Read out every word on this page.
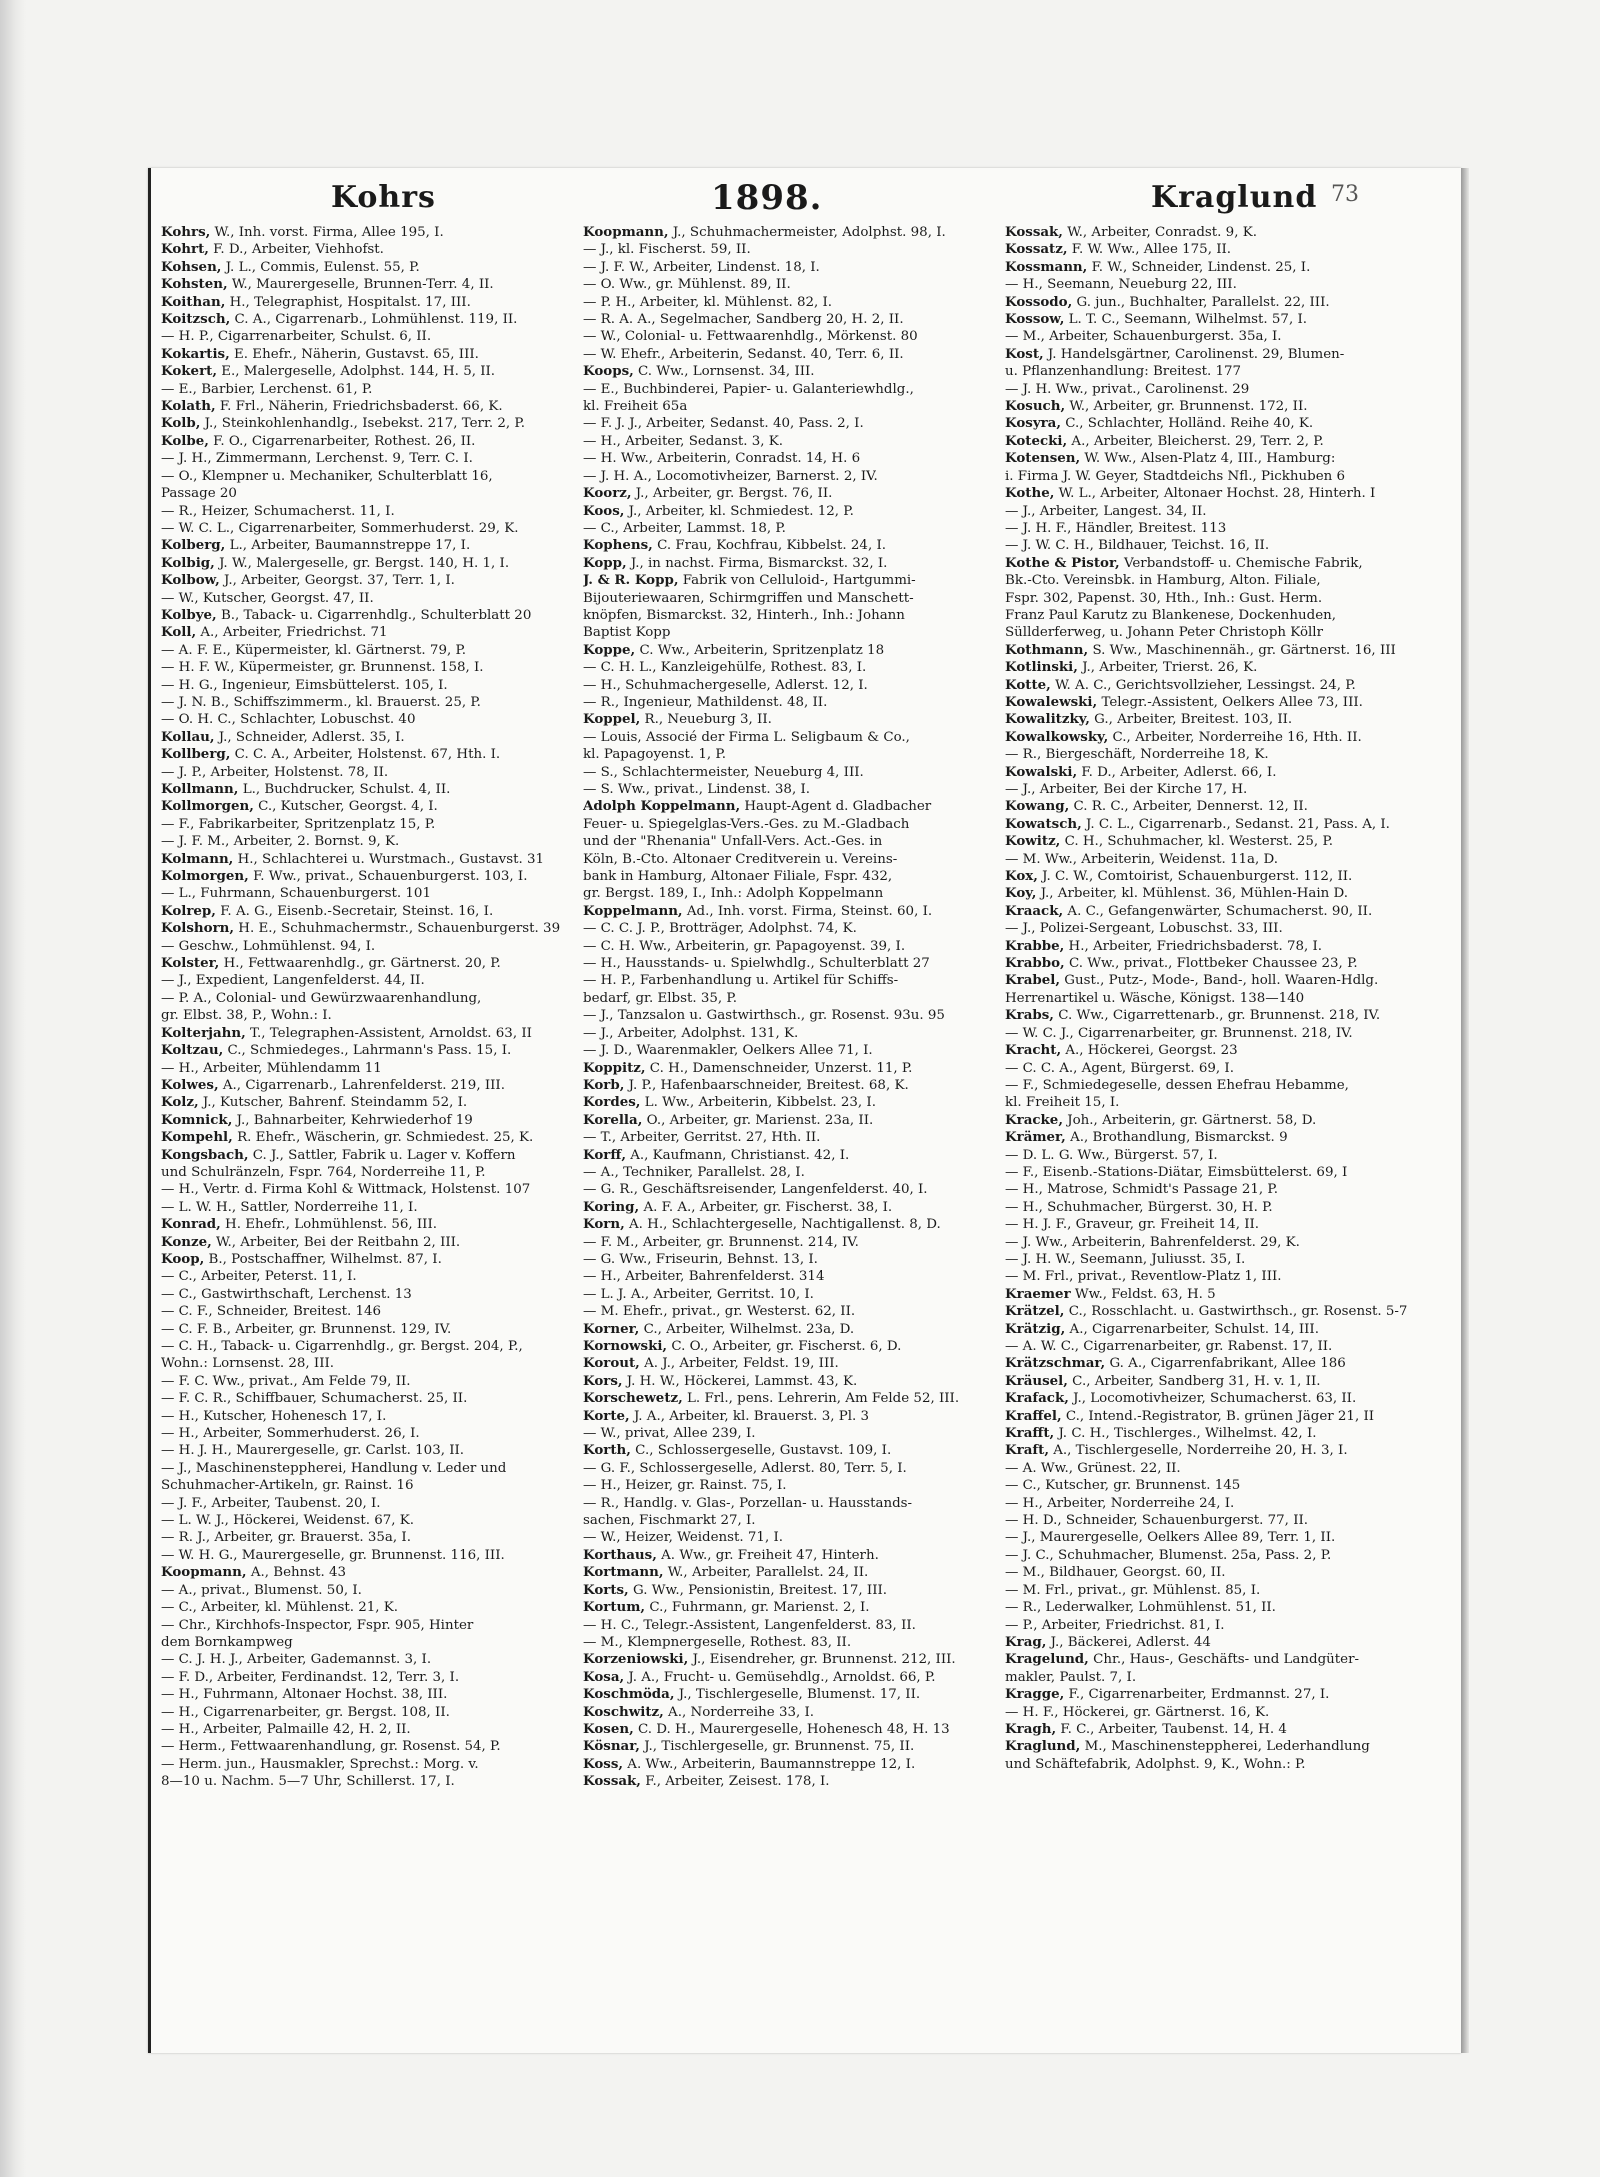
Kohrs	1898.	Kraglund 73
Kohrs, W., Inh. vorst. Firma, Allee 195, I.
Kohrt, F. D., Arbeiter, Viehhofst.
Kohsen, J. L., Commis, Eulenst. 55, P.
Kohsten, W., Maurergeselle, Brunnen-Terr. 4, II.
Koithan, H., Telegraphist, Hospitalst. 17, III.
Koitzsch, C. A., Cigarrenarb., Lohmühlenst. 119, II.
— H. P., Cigarrenarbeiter, Schulst. 6, II.
Kokartis, E. Ehefr., Näherin, Gustavst. 65, III.
Kokert, E., Malergeselle, Adolphst. 144, H. 5, II.
— E., Barbier, Lerchenst. 61, P.
Kolath, F. Frl., Näherin, Friedrichsbaderst. 66, K.
Kolb, J., Steinkohlenhandlg., Isebekst. 217, Terr. 2, P.
Kolbe, F. O., Cigarrenarbeiter, Rothest. 26, II.
— J. H., Zimmermann, Lerchenst. 9, Terr. C. I.
— O., Klempner u. Mechaniker, Schulterblatt 16,
Passage 20
— R., Heizer, Schumacherst. 11, I.
— W. C. L., Cigarrenarbeiter, Sommerhuderst. 29, K.
Kolberg, L., Arbeiter, Baumannstreppe 17, I.
Kolbig, J. W., Malergeselle, gr. Bergst. 140, H. 1, I.
Kolbow, J., Arbeiter, Georgst. 37, Terr. 1, I.
— W., Kutscher, Georgst. 47, II.
Kolbye, B., Taback- u. Cigarrenhdlg., Schulterblatt 20
Koll, A., Arbeiter, Friedrichst. 71
— A. F. E., Küpermeister, kl. Gärtnerst. 79, P.
— H. F. W., Küpermeister, gr. Brunnenst. 158, I.
— H. G., Ingenieur, Eimsbüttelerst. 105, I.
— J. N. B., Schiffszimmerm., kl. Brauerst. 25, P.
— O. H. C., Schlachter, Lobuschst. 40
Kollau, J., Schneider, Adlerst. 35, I.
Kollberg, C. C. A., Arbeiter, Holstenst. 67, Hth. I.
— J. P., Arbeiter, Holstenst. 78, II.
Kollmann, L., Buchdrucker, Schulst. 4, II.
Kollmorgen, C., Kutscher, Georgst. 4, I.
— F., Fabrikarbeiter, Spritzenplatz 15, P.
— J. F. M., Arbeiter, 2. Bornst. 9, K.
Kolmann, H., Schlachterei u. Wurstmach., Gustavst. 31
Kolmorgen, F. Ww., privat., Schauenburgerst. 103, I.
— L., Fuhrmann, Schauenburgerst. 101
Kolrep, F. A. G., Eisenb.-Secretair, Steinst. 16, I.
Kolshorn, H. E., Schuhmachermstr., Schauenburgerst. 39
— Geschw., Lohmühlenst. 94, I.
Kolster, H., Fettwaarenhdlg., gr. Gärtnerst. 20, P.
— J., Expedient, Langenfelderst. 44, II.
— P. A., Colonial- und Gewürzwaarenhandlung,
gr. Elbst. 38, P., Wohn.: I.
Kolterjahn, T., Telegraphen-Assistent, Arnoldst. 63, II
Koltzau, C., Schmiedeges., Lahrmann's Pass. 15, I.
— H., Arbeiter, Mühlendamm 11
Kolwes, A., Cigarrenarb., Lahrenfelderst. 219, III.
Kolz, J., Kutscher, Bahrenf. Steindamm 52, I.
Komnick, J., Bahnarbeiter, Kehrwiederhof 19
Kompehl, R. Ehefr., Wäscherin, gr. Schmiedest. 25, K.
Kongsbach, C. J., Sattler, Fabrik u. Lager v. Koffern
und Schulränzeln, Fspr. 764, Norderreihe 11, P.
— H., Vertr. d. Firma Kohl & Wittmack, Holstenst. 107
— L. W. H., Sattler, Norderreihe 11, I.
Konrad, H. Ehefr., Lohmühlenst. 56, III.
Konze, W., Arbeiter, Bei der Reitbahn 2, III.
Koop, B., Postschaffner, Wilhelmst. 87, I.
— C., Arbeiter, Peterst. 11, I.
— C., Gastwirthschaft, Lerchenst. 13
— C. F., Schneider, Breitest. 146
— C. F. B., Arbeiter, gr. Brunnenst. 129, IV.
— C. H., Taback- u. Cigarrenhdlg., gr. Bergst. 204, P.,
Wohn.: Lornsenst. 28, III.
— F. C. Ww., privat., Am Felde 79, II.
— F. C. R., Schiffbauer, Schumacherst. 25, II.
— H., Kutscher, Hohenesch 17, I.
— H., Arbeiter, Sommerhuderst. 26, I.
— H. J. H., Maurergeselle, gr. Carlst. 103, II.
— J., Maschinensteppherei, Handlung v. Leder und
Schuhmacher-Artikeln, gr. Rainst. 16
— J. F., Arbeiter, Taubenst. 20, I.
— L. W. J., Höckerei, Weidenst. 67, K.
— R. J., Arbeiter, gr. Brauerst. 35a, I.
— W. H. G., Maurergeselle, gr. Brunnenst. 116, III.
Koopmann, A., Behnst. 43
— A., privat., Blumenst. 50, I.
— C., Arbeiter, kl. Mühlenst. 21, K.
— Chr., Kirchhofs-Inspector, Fspr. 905, Hinter
dem Bornkampweg
— C. J. H. J., Arbeiter, Gademannst. 3, I.
— F. D., Arbeiter, Ferdinandst. 12, Terr. 3, I.
— H., Fuhrmann, Altonaer Hochst. 38, III.
— H., Cigarrenarbeiter, gr. Bergst. 108, II.
— H., Arbeiter, Palmaille 42, H. 2, II.
— Herm., Fettwaarenhandlung, gr. Rosenst. 54, P.
— Herm. jun., Hausmakler, Sprechst.: Morg. v.
8—10 u. Nachm. 5—7 Uhr, Schillerst. 17, I.
Koopmann, J., Schuhmachermeister, Adolphst. 98, I.
— J., kl. Fischerst. 59, II.
— J. F. W., Arbeiter, Lindenst. 18, I.
— O. Ww., gr. Mühlenst. 89, II.
— P. H., Arbeiter, kl. Mühlenst. 82, I.
— R. A. A., Segelmacher, Sandberg 20, H. 2, II.
— W., Colonial- u. Fettwaarenhdlg., Mörkenst. 80
— W. Ehefr., Arbeiterin, Sedanst. 40, Terr. 6, II.
Koops, C. Ww., Lornsenst. 34, III.
— E., Buchbinderei, Papier- u. Galanteriewhdlg.,
kl. Freiheit 65a
— F. J. J., Arbeiter, Sedanst. 40, Pass. 2, I.
— H., Arbeiter, Sedanst. 3, K.
— H. Ww., Arbeiterin, Conradst. 14, H. 6
— J. H. A., Locomotivheizer, Barnerst. 2, IV.
Koorz, J., Arbeiter, gr. Bergst. 76, II.
Koos, J., Arbeiter, kl. Schmiedest. 12, P.
— C., Arbeiter, Lammst. 18, P.
Kophens, C. Frau, Kochfrau, Kibbelst. 24, I.
Kopp, J., in nachst. Firma, Bismarckst. 32, I.
J. & R. Kopp, Fabrik von Celluloid-, Hartgummi-
Bijouteriewaaren, Schirmgriffen und Manschett-
knöpfen, Bismarckst. 32, Hinterh., Inh.: Johann
Baptist Kopp
Koppe, C. Ww., Arbeiterin, Spritzenplatz 18
— C. H. L., Kanzleigehülfe, Rothest. 83, I.
— H., Schuhmachergeselle, Adlerst. 12, I.
— R., Ingenieur, Mathildenst. 48, II.
Koppel, R., Neueburg 3, II.
— Louis, Associé der Firma L. Seligbaum & Co.,
kl. Papagoyenst. 1, P.
— S., Schlachtermeister, Neueburg 4, III.
— S. Ww., privat., Lindenst. 38, I.
Adolph Koppelmann, Haupt-Agent d. Gladbacher
Feuer- u. Spiegelglas-Vers.-Ges. zu M.-Gladbach
und der "Rhenania" Unfall-Vers. Act.-Ges. in
Köln, B.-Cto. Altonaer Creditverein u. Vereins-
bank in Hamburg, Altonaer Filiale, Fspr. 432,
gr. Bergst. 189, I., Inh.: Adolph Koppelmann
Koppelmann, Ad., Inh. vorst. Firma, Steinst. 60, I.
— C. C. J. P., Brotträger, Adolphst. 74, K.
— C. H. Ww., Arbeiterin, gr. Papagoyenst. 39, I.
— H., Hausstands- u. Spielwhdlg., Schulterblatt 27
— H. P., Farbenhandlung u. Artikel für Schiffs-
bedarf, gr. Elbst. 35, P.
— J., Tanzsalon u. Gastwirthsch., gr. Rosenst. 93u. 95
— J., Arbeiter, Adolphst. 131, K.
— J. D., Waarenmakler, Oelkers Allee 71, I.
Koppitz, C. H., Damenschneider, Unzerst. 11, P.
Korb, J. P., Hafenbaarschneider, Breitest. 68, K.
Kordes, L. Ww., Arbeiterin, Kibbelst. 23, I.
Korella, O., Arbeiter, gr. Marienst. 23a, II.
— T., Arbeiter, Gerritst. 27, Hth. II.
Korff, A., Kaufmann, Christianst. 42, I.
— A., Techniker, Parallelst. 28, I.
— G. R., Geschäftsreisender, Langenfelderst. 40, I.
Koring, A. F. A., Arbeiter, gr. Fischerst. 38, I.
Korn, A. H., Schlachtergeselle, Nachtigallenst. 8, D.
— F. M., Arbeiter, gr. Brunnenst. 214, IV.
— G. Ww., Friseurin, Behnst. 13, I.
— H., Arbeiter, Bahrenfelderst. 314
— L. J. A., Arbeiter, Gerritst. 10, I.
— M. Ehefr., privat., gr. Westerst. 62, II.
Korner, C., Arbeiter, Wilhelmst. 23a, D.
Kornowski, C. O., Arbeiter, gr. Fischerst. 6, D.
Korout, A. J., Arbeiter, Feldst. 19, III.
Kors, J. H. W., Höckerei, Lammst. 43, K.
Korschewetz, L. Frl., pens. Lehrerin, Am Felde 52, III.
Korte, J. A., Arbeiter, kl. Brauerst. 3, Pl. 3
— W., privat, Allee 239, I.
Korth, C., Schlossergeselle, Gustavst. 109, I.
— G. F., Schlossergeselle, Adlerst. 80, Terr. 5, I.
— H., Heizer, gr. Rainst. 75, I.
— R., Handlg. v. Glas-, Porzellan- u. Hausstands-
sachen, Fischmarkt 27, I.
— W., Heizer, Weidenst. 71, I.
Korthaus, A. Ww., gr. Freiheit 47, Hinterh.
Kortmann, W., Arbeiter, Parallelst. 24, II.
Korts, G. Ww., Pensionistin, Breitest. 17, III.
Kortum, C., Fuhrmann, gr. Marienst. 2, I.
— H. C., Telegr.-Assistent, Langenfelderst. 83, II.
— M., Klempnergeselle, Rothest. 83, II.
Korzeniowski, J., Eisendreher, gr. Brunnenst. 212, III.
Kosa, J. A., Frucht- u. Gemüsehdlg., Arnoldst. 66, P.
Koschmöda, J., Tischlergeselle, Blumenst. 17, II.
Koschwitz, A., Norderreihe 33, I.
Kosen, C. D. H., Maurergeselle, Hohenesch 48, H. 13
Kösnar, J., Tischlergeselle, gr. Brunnenst. 75, II.
Koss, A. Ww., Arbeiterin, Baumannstreppe 12, I.
Kossak, F., Arbeiter, Zeisest. 178, I.
Kossak, W., Arbeiter, Conradst. 9, K.
Kossatz, F. W. Ww., Allee 175, II.
Kossmann, F. W., Schneider, Lindenst. 25, I.
— H., Seemann, Neueburg 22, III.
Kossodo, G. jun., Buchhalter, Parallelst. 22, III.
Kossow, L. T. C., Seemann, Wilhelmst. 57, I.
— M., Arbeiter, Schauenburgerst. 35a, I.
Kost, J. Handelsgärtner, Carolinenst. 29, Blumen-
u. Pflanzenhandlung: Breitest. 177
— J. H. Ww., privat., Carolinenst. 29
Kosuch, W., Arbeiter, gr. Brunnenst. 172, II.
Kosyra, C., Schlachter, Holländ. Reihe 40, K.
Kotecki, A., Arbeiter, Bleicherst. 29, Terr. 2, P.
Kotensen, W. Ww., Alsen-Platz 4, III., Hamburg:
i. Firma J. W. Geyer, Stadtdeichs Nfl., Pickhuben 6
Kothe, W. L., Arbeiter, Altonaer Hochst. 28, Hinterh. I
— J., Arbeiter, Langest. 34, II.
— J. H. F., Händler, Breitest. 113
— J. W. C. H., Bildhauer, Teichst. 16, II.
Kothe & Pistor, Verbandstoff- u. Chemische Fabrik,
Bk.-Cto. Vereinsbk. in Hamburg, Alton. Filiale,
Fspr. 302, Papenst. 30, Hth., Inh.: Gust. Herm.
Franz Paul Karutz zu Blankenese, Dockenhuden,
Süllderferweg, u. Johann Peter Christoph Köllr
Kothmann, S. Ww., Maschinennäh., gr. Gärtnerst. 16, III
Kotlinski, J., Arbeiter, Trierst. 26, K.
Kotte, W. A. C., Gerichtsvollzieher, Lessingst. 24, P.
Kowalewski, Telegr.-Assistent, Oelkers Allee 73, III.
Kowalitzky, G., Arbeiter, Breitest. 103, II.
Kowalkowsky, C., Arbeiter, Norderreihe 16, Hth. II.
— R., Biergeschäft, Norderreihe 18, K.
Kowalski, F. D., Arbeiter, Adlerst. 66, I.
— J., Arbeiter, Bei der Kirche 17, H.
Kowang, C. R. C., Arbeiter, Dennerst. 12, II.
Kowatsch, J. C. L., Cigarrenarb., Sedanst. 21, Pass. A, I.
Kowitz, C. H., Schuhmacher, kl. Westerst. 25, P.
— M. Ww., Arbeiterin, Weidenst. 11a, D.
Kox, J. C. W., Comtoirist, Schauenburgerst. 112, II.
Koy, J., Arbeiter, kl. Mühlenst. 36, Mühlen-Hain D.
Kraack, A. C., Gefangenwärter, Schumacherst. 90, II.
— J., Polizei-Sergeant, Lobuschst. 33, III.
Krabbe, H., Arbeiter, Friedrichsbaderst. 78, I.
Krabbo, C. Ww., privat., Flottbeker Chaussee 23, P.
Krabel, Gust., Putz-, Mode-, Band-, holl. Waaren-Hdlg.
Herrenartikel u. Wäsche, Königst. 138—140
Krabs, C. Ww., Cigarrettenarb., gr. Brunnenst. 218, IV.
— W. C. J., Cigarrenarbeiter, gr. Brunnenst. 218, IV.
Kracht, A., Höckerei, Georgst. 23
— C. C. A., Agent, Bürgerst. 69, I.
— F., Schmiedegeselle, dessen Ehefrau Hebamme,
kl. Freiheit 15, I.
Kracke, Joh., Arbeiterin, gr. Gärtnerst. 58, D.
Krämer, A., Brothandlung, Bismarckst. 9
— D. L. G. Ww., Bürgerst. 57, I.
— F., Eisenb.-Stations-Diätar, Eimsbüttelerst. 69, I
— H., Matrose, Schmidt's Passage 21, P.
— H., Schuhmacher, Bürgerst. 30, H. P.
— H. J. F., Graveur, gr. Freiheit 14, II.
— J. Ww., Arbeiterin, Bahrenfelderst. 29, K.
— J. H. W., Seemann, Juliusst. 35, I.
— M. Frl., privat., Reventlow-Platz 1, III.
Kraemer Ww., Feldst. 63, H. 5
Krätzel, C., Rosschlacht. u. Gastwirthsch., gr. Rosenst. 5-7
Krätzig, A., Cigarrenarbeiter, Schulst. 14, III.
— A. W. C., Cigarrenarbeiter, gr. Rabenst. 17, II.
Krätzschmar, G. A., Cigarrenfabrikant, Allee 186
Kräusel, C., Arbeiter, Sandberg 31, H. v. 1, II.
Krafack, J., Locomotivheizer, Schumacherst. 63, II.
Kraffel, C., Intend.-Registrator, B. grünen Jäger 21, II
Krafft, J. C. H., Tischlerges., Wilhelmst. 42, I.
Kraft, A., Tischlergeselle, Norderreihe 20, H. 3, I.
— A. Ww., Grünest. 22, II.
— C., Kutscher, gr. Brunnenst. 145
— H., Arbeiter, Norderreihe 24, I.
— H. D., Schneider, Schauenburgerst. 77, II.
— J., Maurergeselle, Oelkers Allee 89, Terr. 1, II.
— J. C., Schuhmacher, Blumenst. 25a, Pass. 2, P.
— M., Bildhauer, Georgst. 60, II.
— M. Frl., privat., gr. Mühlenst. 85, I.
— R., Lederwalker, Lohmühlenst. 51, II.
— P., Arbeiter, Friedrichst. 81, I.
Krag, J., Bäckerei, Adlerst. 44
Kragelund, Chr., Haus-, Geschäfts- und Landgüter-
makler, Paulst. 7, I.
Kragge, F., Cigarrenarbeiter, Erdmannst. 27, I.
— H. F., Höckerei, gr. Gärtnerst. 16, K.
Kragh, F. C., Arbeiter, Taubenst. 14, H. 4
Kraglund, M., Maschinensteppherei, Lederhandlung
und Schäftefabrik, Adolphst. 9, K., Wohn.: P.
